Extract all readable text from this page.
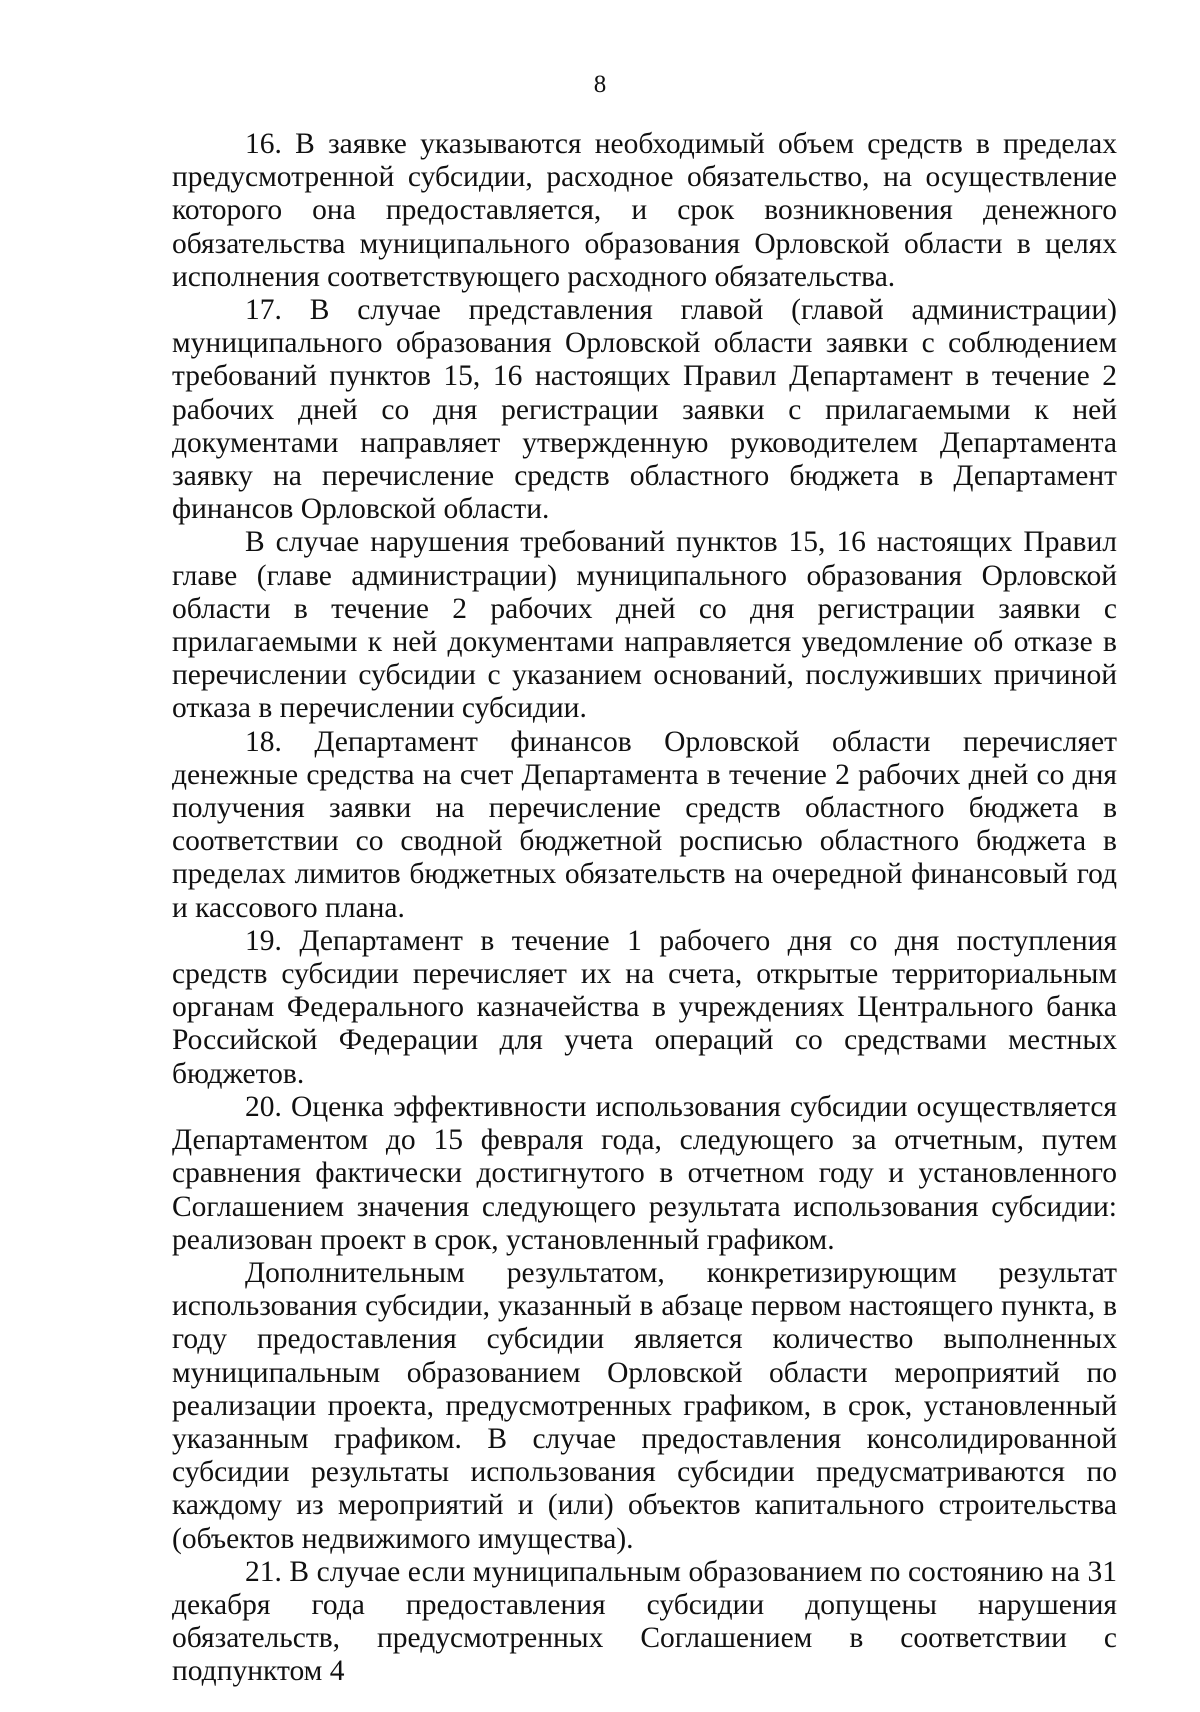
8

16. В заявке указываются необходимый объем средств в пределах предусмотренной субсидии, расходное обязательство, на осуществление которого она предоставляется, и срок возникновения денежного обязательства муниципального образования Орловской области в целях исполнения соответствующего расходного обязательства.

17. В случае представления главой (главой администрации) муниципального образования Орловской области заявки с соблюдением требований пунктов 15, 16 настоящих Правил Департамент в течение 2 рабочих дней со дня регистрации заявки с прилагаемыми к ней документами направляет утвержденную руководителем Департамента заявку на перечисление средств областного бюджета в Департамент финансов Орловской области.

В случае нарушения требований пунктов 15, 16 настоящих Правил главе (главе администрации) муниципального образования Орловской области в течение 2 рабочих дней со дня регистрации заявки с прилагаемыми к ней документами направляется уведомление об отказе в перечислении субсидии с указанием оснований, послуживших причиной отказа в перечислении субсидии.

18. Департамент финансов Орловской области перечисляет денежные средства на счет Департамента в течение 2 рабочих дней со дня получения заявки на перечисление средств областного бюджета в соответствии со сводной бюджетной росписью областного бюджета в пределах лимитов бюджетных обязательств на очередной финансовый год и кассового плана.

19. Департамент в течение 1 рабочего дня со дня поступления средств субсидии перечисляет их на счета, открытые территориальным органам Федерального казначейства в учреждениях Центрального банка Российской Федерации для учета операций со средствами местных бюджетов.

20. Оценка эффективности использования субсидии осуществляется Департаментом до 15 февраля года, следующего за отчетным, путем сравнения фактически достигнутого в отчетном году и установленного Соглашением значения следующего результата использования субсидии: реализован проект в срок, установленный графиком.

Дополнительным результатом, конкретизирующим результат использования субсидии, указанный в абзаце первом настоящего пункта, в году предоставления субсидии является количество выполненных муниципальным образованием Орловской области мероприятий по реализации проекта, предусмотренных графиком, в срок, установленный указанным графиком. В случае предоставления консолидированной субсидии результаты использования субсидии предусматриваются по каждому из мероприятий и (или) объектов капитального строительства (объектов недвижимого имущества).

21. В случае если муниципальным образованием по состоянию на 31 декабря года предоставления субсидии допущены нарушения обязательств, предусмотренных Соглашением в соответствии с подпунктом 4
